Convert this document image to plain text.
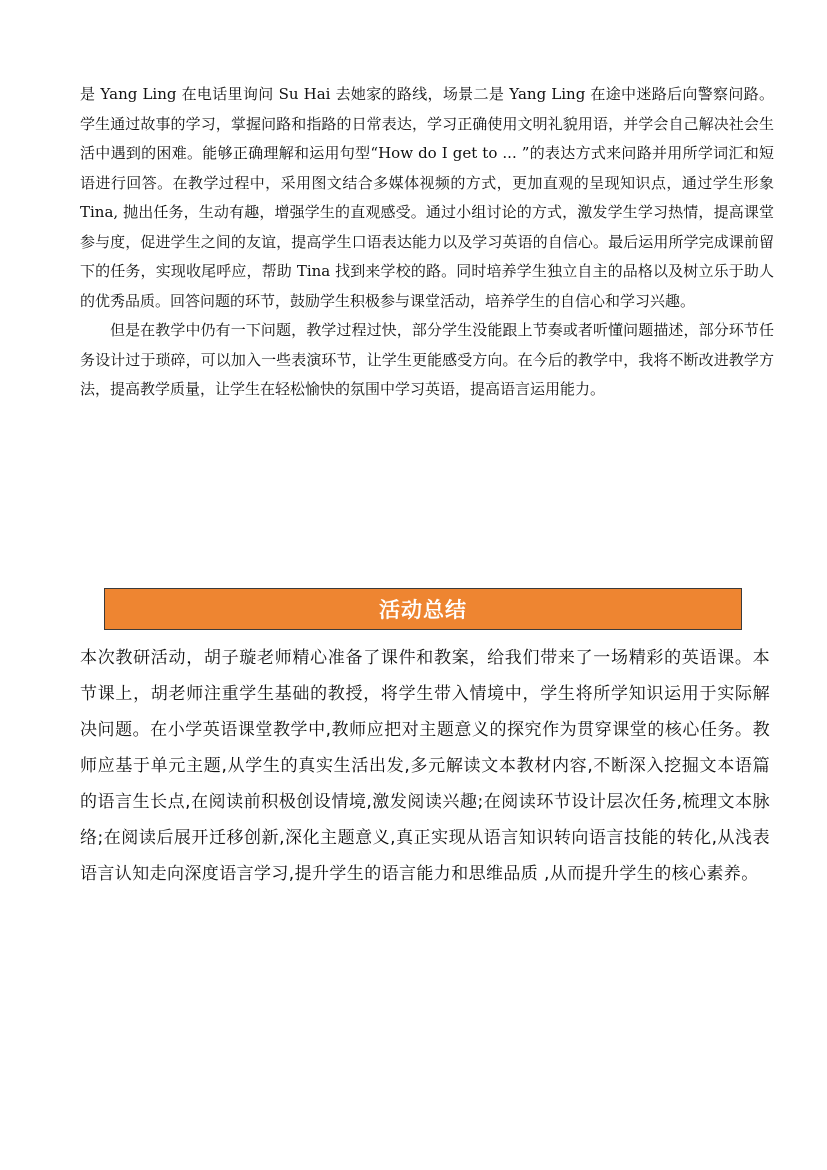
是 Yang Ling 在电话里询问 Su Hai 去她家的路线，场景二是 Yang Ling 在途中迷路后向警察问路。学生通过故事的学习，掌握问路和指路的日常表达，学习正确使用文明礼貌用语，并学会自己解决社会生活中遇到的困难。能够正确理解和运用句型“How do I get to ... ”的表达方式来问路并用所学词汇和短语进行回答。在教学过程中，采用图文结合多媒体视频的方式，更加直观的呈现知识点，通过学生形象 Tina, 抛出任务，生动有趣，增强学生的直观感受。通过小组讨论的方式，激发学生学习热情，提高课堂参与度，促进学生之间的友谊，提高学生口语表达能力以及学习英语的自信心。最后运用所学完成课前留下的任务，实现收尾呼应，帮助 Tina 找到来学校的路。同时培养学生独立自主的品格以及树立乐于助人的优秀品质。回答问题的环节，鼓励学生积极参与课堂活动，培养学生的自信心和学习兴趣。

但是在教学中仍有一下问题，教学过程过快，部分学生没能跟上节奏或者听懂问题描述，部分环节任务设计过于琐碎，可以加入一些表演环节，让学生更能感受方向。在今后的教学中，我将不断改进教学方法，提高教学质量，让学生在轻松愉快的氛围中学习英语，提高语言运用能力。

活动总结

本次教研活动，胡子璇老师精心准备了课件和教案，给我们带来了一场精彩的英语课。本节课上，胡老师注重学生基础的教授，将学生带入情境中，学生将所学知识运用于实际解决问题。在小学英语课堂教学中,教师应把对主题意义的探究作为贯穿课堂的核心任务。教师应基于单元主题,从学生的真实生活出发,多元解读文本教材内容,不断深入挖掘文本语篇的语言生长点,在阅读前积极创设情境,激发阅读兴趣;在阅读环节设计层次任务,梳理文本脉络;在阅读后展开迁移创新,深化主题意义,真正实现从语言知识转向语言技能的转化,从浅表语言认知走向深度语言学习,提升学生的语言能力和思维品质 ,从而提升学生的核心素养。
